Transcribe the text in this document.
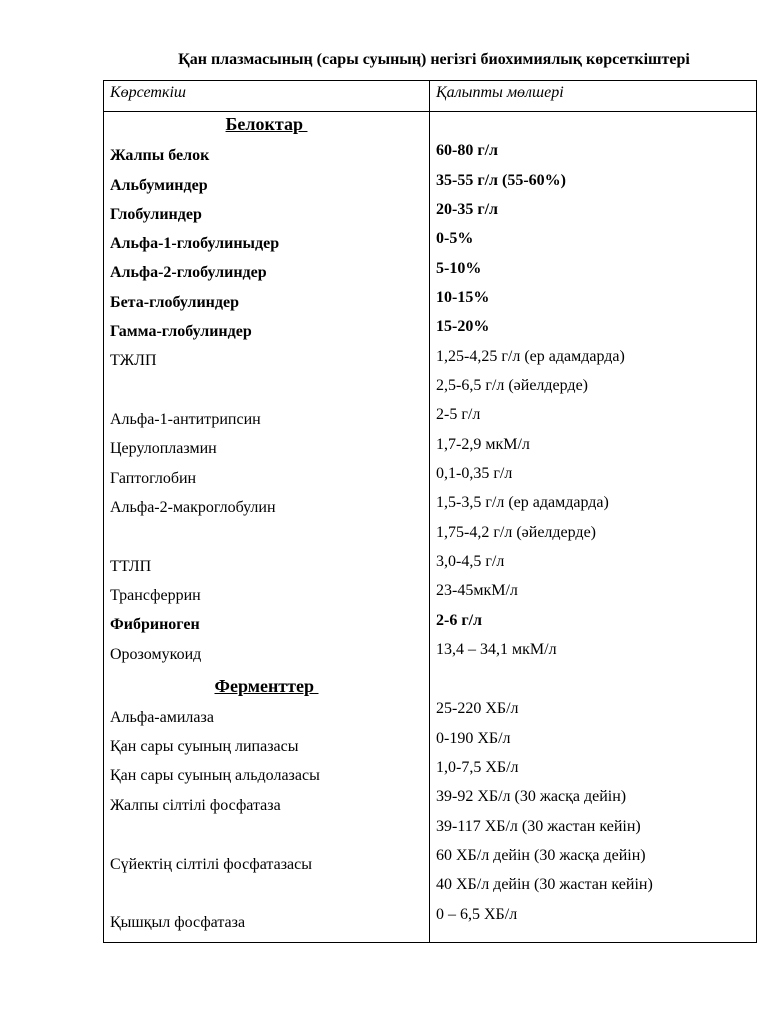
Қан плазмасының (сары суының) негізгі биохимиялық көрсеткіштері
Көрсеткіш	Қалыпты мөлшері
Белоктар
Жалпы белок
Альбуминдер
Глобулиндер
Альфа-1-глобулиныдер
Альфа-2-глобулиндер
Бета-глобулиндер
Гамма-глобулиндер
ТЖЛП
Альфа-1-антитрипсин
Церулоплазмин
Гаптоглобин
Альфа-2-макроглобулин
ТТЛП
Трансферрин
Фибриноген
Орозомукоид
60-80 г/л
35-55 г/л (55-60%)
20-35 г/л
0-5%
5-10%
10-15%
15-20%
1,25-4,25 г/л (ер адамдарда)
2,5-6,5 г/л (әйелдерде)
2-5 г/л
1,7-2,9 мкМ/л
0,1-0,35 г/л
1,5-3,5 г/л (ер адамдарда)
1,75-4,2 г/л (әйелдерде)
3,0-4,5 г/л
23-45мкМ/л
2-6 г/л
13,4 – 34,1 мкМ/л
Ферменттер
Альфа-амилаза
Қан сары суының липазасы
Қан сары суының альдолазасы
Жалпы сілтілі фосфатаза
Сүйектің сілтілі фосфатазасы
Қышқыл фосфатаза
25-220 ХБ/л
0-190 ХБ/л
1,0-7,5 ХБ/л
39-92 ХБ/л (30 жасқа дейін)
39-117 ХБ/л (30 жастан кейін)
60 ХБ/л дейін (30 жасқа дейін)
40 ХБ/л дейін (30 жастан кейін)
0 – 6,5 ХБ/л
